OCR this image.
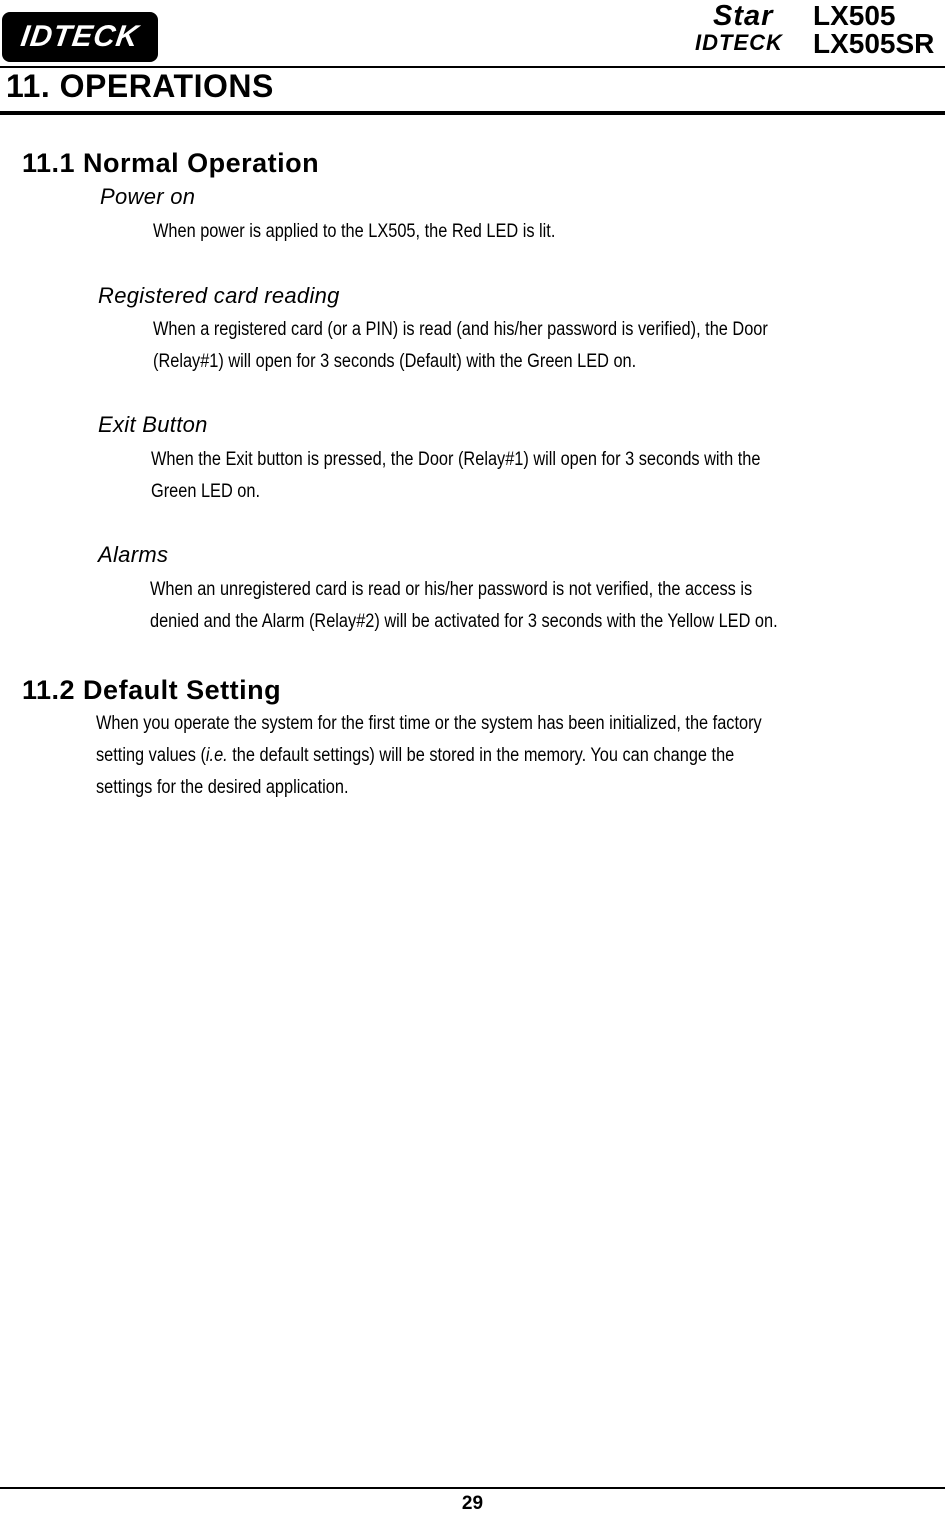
IDTECK
Star LX505
IDTECK LX505SR
11. OPERATIONS
11.1 Normal Operation
Power on
When power is applied to the LX505, the Red LED is lit.
Registered card reading
When a registered card (or a PIN) is read (and his/her password is verified), the Door
(Relay#1) will open for 3 seconds (Default) with the Green LED on.
Exit Button
When the Exit button is pressed, the Door (Relay#1) will open for 3 seconds with the
Green LED on.
Alarms
When an unregistered card is read or his/her password is not verified, the access is
denied and the Alarm (Relay#2) will be activated for 3 seconds with the Yellow LED on.
11.2 Default Setting
When you operate the system for the first time or the system has been initialized, the factory
setting values (i.e. the default settings) will be stored in the memory. You can change the
settings for the desired application.
29
